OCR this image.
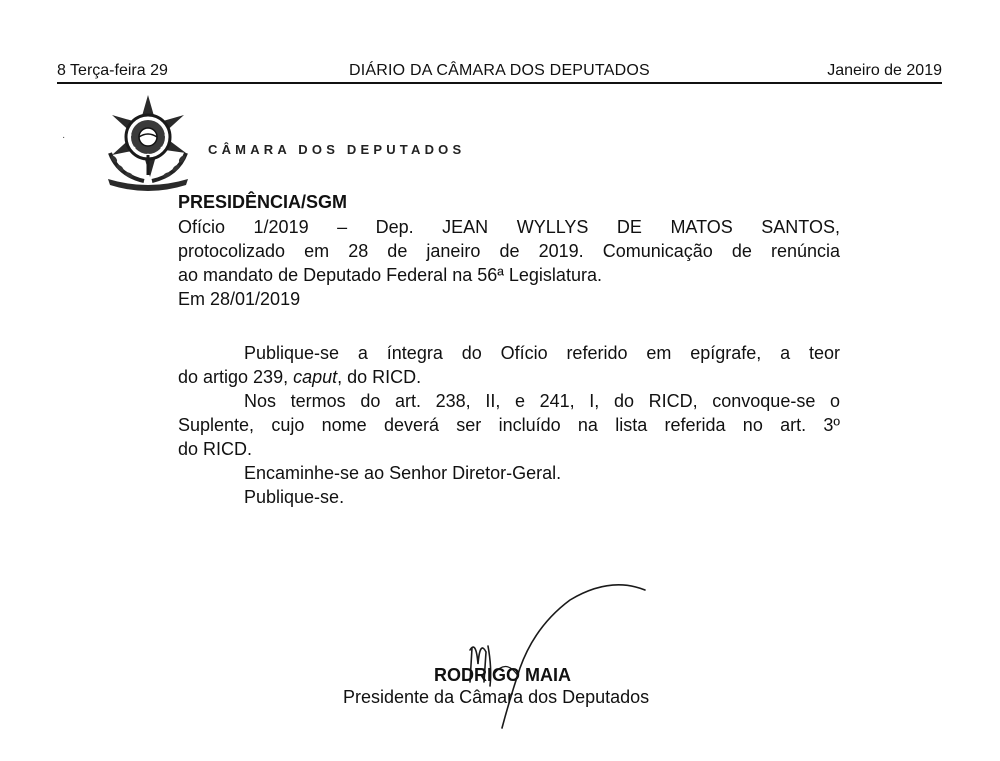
8 Terça-feira 29	DIÁRIO DA CÂMARA DOS DEPUTADOS	Janeiro de 2019
·
CÂMARA DOS DEPUTADOS
PRESIDÊNCIA/SGM
Ofício 1/2019 – Dep. JEAN WYLLYS DE MATOS SANTOS,
protocolizado em 28 de janeiro de 2019. Comunicação de renúncia
ao mandato de Deputado Federal na 56ª Legislatura.
Em 28/01/2019
Publique-se a íntegra do Ofício referido em epígrafe, a teor
do artigo 239, caput, do RICD.
Nos termos do art. 238, II, e 241, I, do RICD, convoque-se o
Suplente, cujo nome deverá ser incluído na lista referida no art. 3º
do RICD.
Encaminhe-se ao Senhor Diretor-Geral.
Publique-se.
RODRIGO MAIA
Presidente da Câmara dos Deputados
